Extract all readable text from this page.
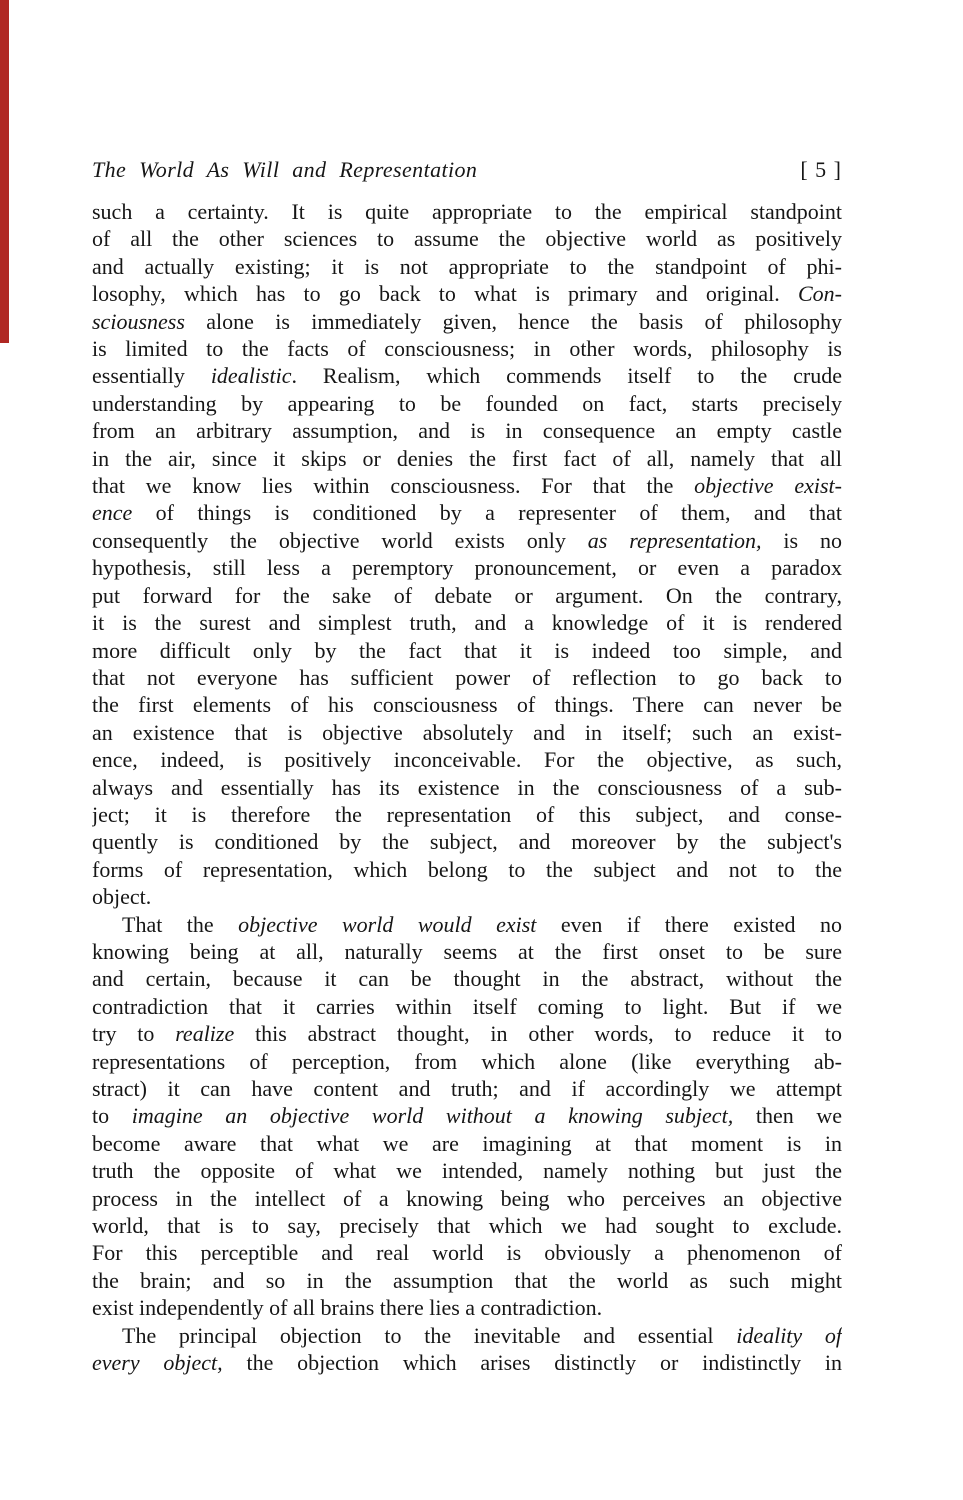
The World As Will and Representation	[ 5 ]
such a certainty. It is quite appropriate to the empirical standpoint
of all the other sciences to assume the objective world as positively
and actually existing; it is not appropriate to the standpoint of phi-
losophy, which has to go back to what is primary and original. Con-
sciousness alone is immediately given, hence the basis of philosophy
is limited to the facts of consciousness; in other words, philosophy is
essentially idealistic. Realism, which commends itself to the crude
understanding by appearing to be founded on fact, starts precisely
from an arbitrary assumption, and is in consequence an empty castle
in the air, since it skips or denies the first fact of all, namely that all
that we know lies within consciousness. For that the objective exist-
ence of things is conditioned by a representer of them, and that
consequently the objective world exists only as representation, is no
hypothesis, still less a peremptory pronouncement, or even a paradox
put forward for the sake of debate or argument. On the contrary,
it is the surest and simplest truth, and a knowledge of it is rendered
more difficult only by the fact that it is indeed too simple, and
that not everyone has sufficient power of reflection to go back to
the first elements of his consciousness of things. There can never be
an existence that is objective absolutely and in itself; such an exist-
ence, indeed, is positively inconceivable. For the objective, as such,
always and essentially has its existence in the consciousness of a sub-
ject; it is therefore the representation of this subject, and conse-
quently is conditioned by the subject, and moreover by the subject's
forms of representation, which belong to the subject and not to the
object.
That the objective world would exist even if there existed no
knowing being at all, naturally seems at the first onset to be sure
and certain, because it can be thought in the abstract, without the
contradiction that it carries within itself coming to light. But if we
try to realize this abstract thought, in other words, to reduce it to
representations of perception, from which alone (like everything ab-
stract) it can have content and truth; and if accordingly we attempt
to imagine an objective world without a knowing subject, then we
become aware that what we are imagining at that moment is in
truth the opposite of what we intended, namely nothing but just the
process in the intellect of a knowing being who perceives an objective
world, that is to say, precisely that which we had sought to exclude.
For this perceptible and real world is obviously a phenomenon of
the brain; and so in the assumption that the world as such might
exist independently of all brains there lies a contradiction.
The principal objection to the inevitable and essential ideality of
every object, the objection which arises distinctly or indistinctly in
